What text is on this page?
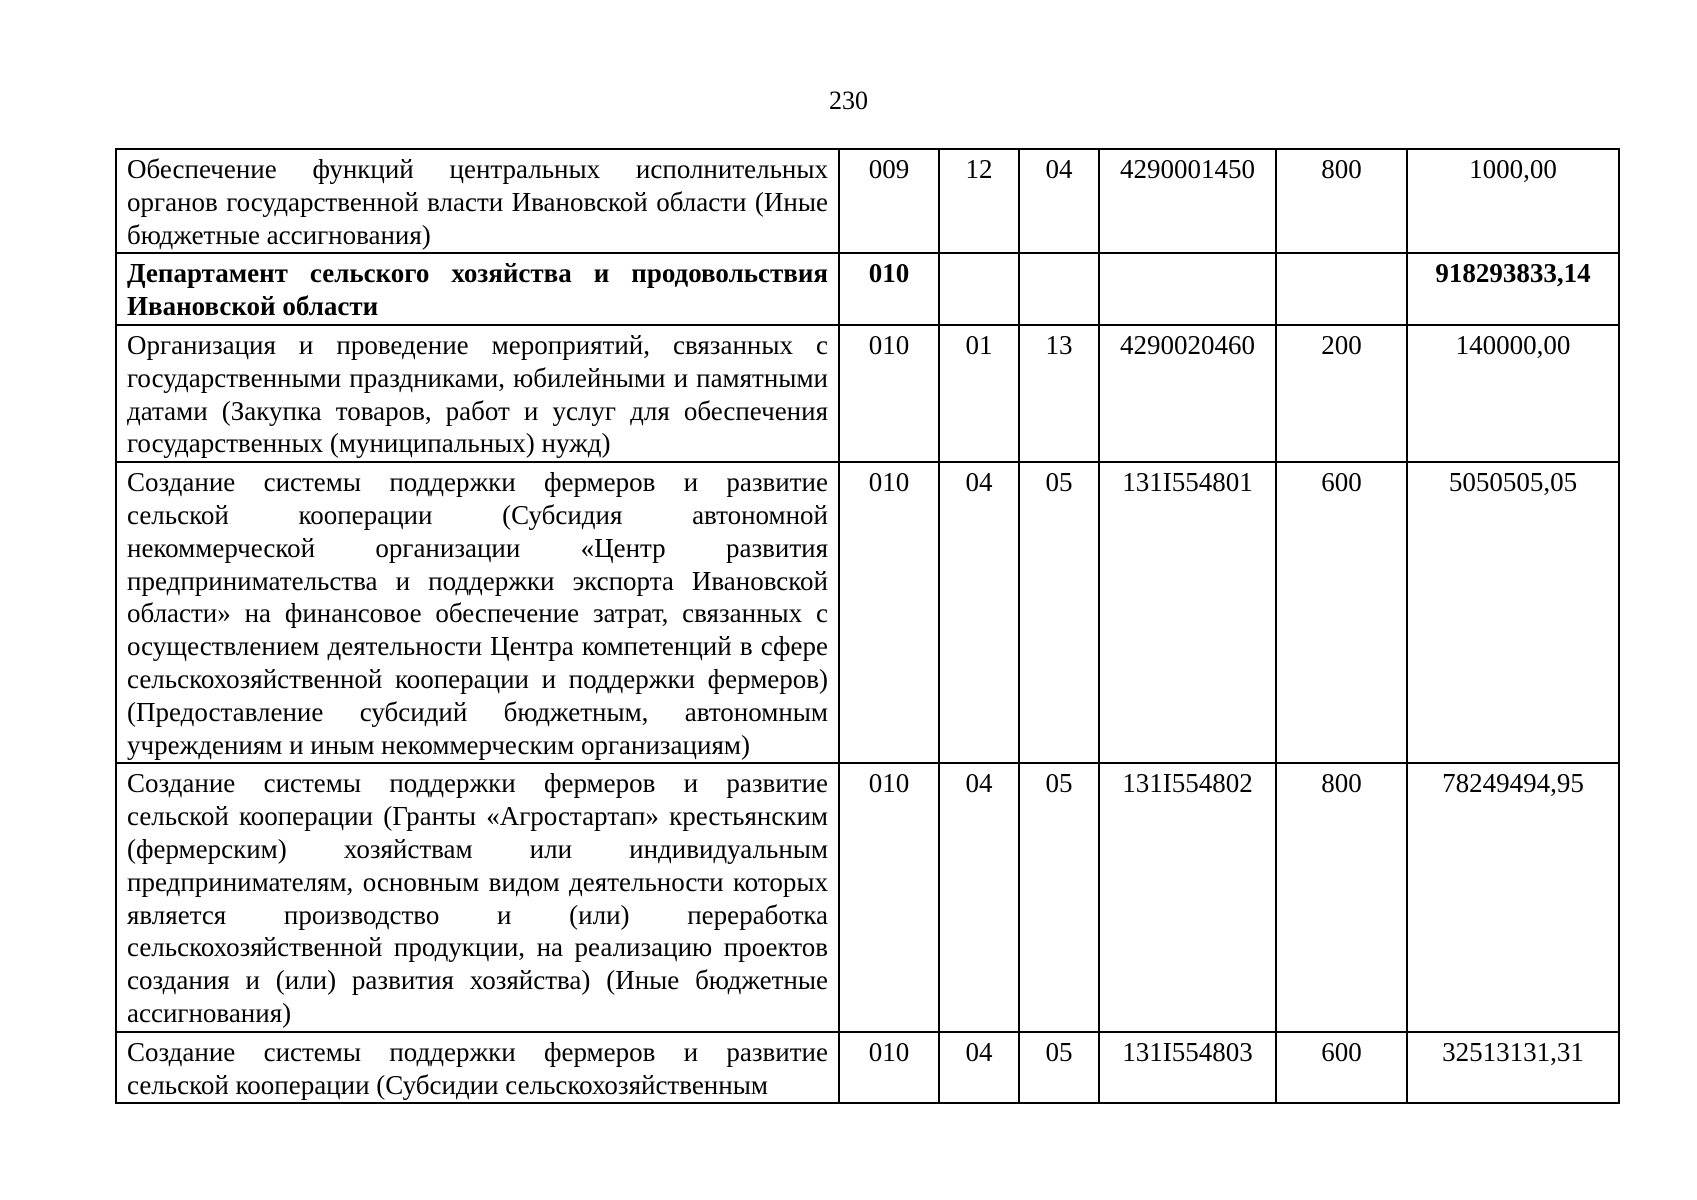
230
Обеспечение функций центральных исполнительных органов государственной власти Ивановской области (Иные бюджетные ассигнования)	009	12	04	4290001450	800	1000,00
Департамент сельского хозяйства и продовольствия Ивановской области	010					918293833,14
Организация и проведение мероприятий, связанных с государственными праздниками, юбилейными и памятными датами (Закупка товаров, работ и услуг для обеспечения государственных (муниципальных) нужд)	010	01	13	4290020460	200	140000,00
Создание системы поддержки фермеров и развитие сельской кооперации (Субсидия автономной некоммерческой организации «Центр развития предпринимательства и поддержки экспорта Ивановской области» на финансовое обеспечение затрат, связанных с осуществлением деятельности Центра компетенций в сфере сельскохозяйственной кооперации и поддержки фермеров) (Предоставление субсидий бюджетным, автономным учреждениям и иным некоммерческим организациям)	010	04	05	131I554801	600	5050505,05
Создание системы поддержки фермеров и развитие сельской кооперации (Гранты «Агростартап» крестьянским (фермерским) хозяйствам или индивидуальным предпринимателям, основным видом деятельности которых является производство и (или) переработка сельскохозяйственной продукции, на реализацию проектов создания и (или) развития хозяйства) (Иные бюджетные ассигнования)	010	04	05	131I554802	800	78249494,95
Создание системы поддержки фермеров и развитие сельской кооперации (Субсидии сельскохозяйственным	010	04	05	131I554803	600	32513131,31
